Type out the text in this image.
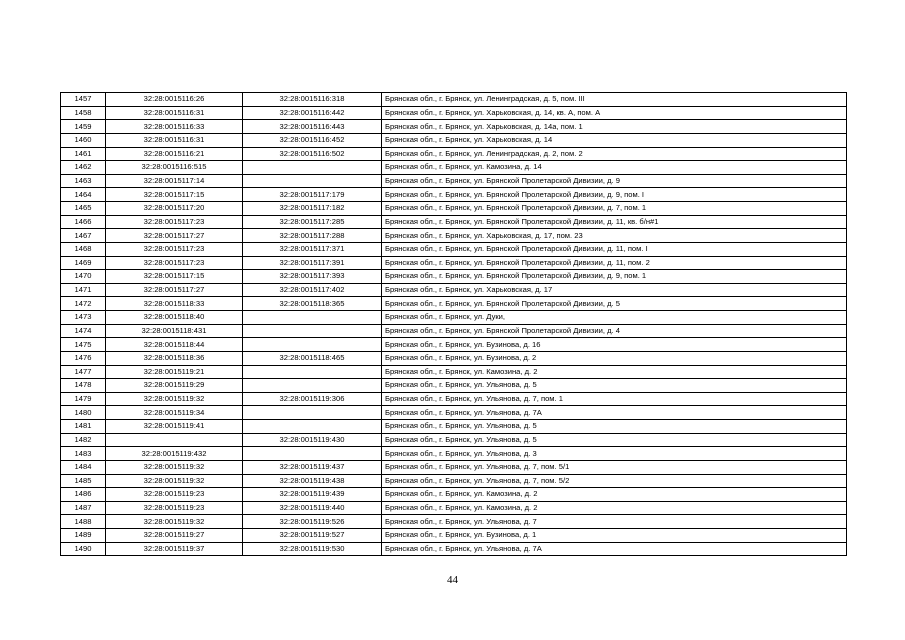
1457	32:28:0015116:26	32:28:0015116:318	Брянская обл., г. Брянск, ул. Ленинградская, д. 5, пом. III
1458	32:28:0015116:31	32:28:0015116:442	Брянская обл., г. Брянск, ул. Харьковская, д. 14, кв. А, пом. А
1459	32:28:0015116:33	32:28:0015116:443	Брянская обл., г. Брянск, ул. Харьковская, д. 14а, пом. 1
1460	32:28:0015116:31	32:28:0015116:452	Брянская обл., г. Брянск, ул. Харьковская, д. 14
1461	32:28:0015116:21	32:28:0015116:502	Брянская обл., г. Брянск, ул. Ленинградская, д. 2, пом. 2
1462	32:28:0015116:515		Брянская обл., г. Брянск, ул. Камозина, д. 14
1463	32:28:0015117:14		Брянская обл., г. Брянск, ул. Брянской Пролетарской Дивизии, д. 9
1464	32:28:0015117:15	32:28:0015117:179	Брянская обл., г. Брянск, ул. Брянской Пролетарской Дивизии, д. 9, пом. I
1465	32:28:0015117:20	32:28:0015117:182	Брянская обл., г. Брянск, ул. Брянской Пролетарской Дивизии, д. 7, пом. 1
1466	32:28:0015117:23	32:28:0015117:285	Брянская обл., г. Брянск, ул. Брянской Пролетарской Дивизии, д. 11, кв. б/н#1
1467	32:28:0015117:27	32:28:0015117:288	Брянская обл., г. Брянск, ул. Харьковская, д. 17, пом. 23
1468	32:28:0015117:23	32:28:0015117:371	Брянская обл., г. Брянск, ул. Брянской Пролетарской Дивизии, д. 11, пом. I
1469	32:28:0015117:23	32:28:0015117:391	Брянская обл., г. Брянск, ул. Брянской Пролетарской Дивизии, д. 11, пом. 2
1470	32:28:0015117:15	32:28:0015117:393	Брянская обл., г. Брянск, ул. Брянской Пролетарской Дивизии, д. 9, пом. 1
1471	32:28:0015117:27	32:28:0015117:402	Брянская обл., г. Брянск, ул. Харьковская, д. 17
1472	32:28:0015118:33	32:28:0015118:365	Брянская обл., г. Брянск, ул. Брянской Пролетарской Дивизии, д. 5
1473	32:28:0015118:40		Брянская обл., г. Брянск, ул. Дуки,
1474	32:28:0015118:431		Брянская обл., г. Брянск, ул. Брянской Пролетарской Дивизии, д. 4
1475	32:28:0015118:44		Брянская обл., г. Брянск, ул. Бузинова, д. 16
1476	32:28:0015118:36	32:28:0015118:465	Брянская обл., г. Брянск, ул. Бузинова, д. 2
1477	32:28:0015119:21		Брянская обл., г. Брянск, ул. Камозина, д. 2
1478	32:28:0015119:29		Брянская обл., г. Брянск, ул. Ульянова, д. 5
1479	32:28:0015119:32	32:28:0015119:306	Брянская обл., г. Брянск, ул. Ульянова, д. 7, пом. 1
1480	32:28:0015119:34		Брянская обл., г. Брянск, ул. Ульянова, д. 7А
1481	32:28:0015119:41		Брянская обл., г. Брянск, ул. Ульянова, д. 5
1482		32:28:0015119:430	Брянская обл., г. Брянск, ул. Ульянова, д. 5
1483	32:28:0015119:432		Брянская обл., г. Брянск, ул. Ульянова, д. 3
1484	32:28:0015119:32	32:28:0015119:437	Брянская обл., г. Брянск, ул. Ульянова, д. 7, пом. 5/1
1485	32:28:0015119:32	32:28:0015119:438	Брянская обл., г. Брянск, ул. Ульянова, д. 7, пом. 5/2
1486	32:28:0015119:23	32:28:0015119:439	Брянская обл., г. Брянск, ул. Камозина, д. 2
1487	32:28:0015119:23	32:28:0015119:440	Брянская обл., г. Брянск, ул. Камозина, д. 2
1488	32:28:0015119:32	32:28:0015119:526	Брянская обл., г. Брянск, ул. Ульянова, д. 7
1489	32:28:0015119:27	32:28:0015119:527	Брянская обл., г. Брянск, ул. Бузинова, д. 1
1490	32:28:0015119:37	32:28:0015119:530	Брянская обл., г. Брянск, ул. Ульянова, д. 7А
44
